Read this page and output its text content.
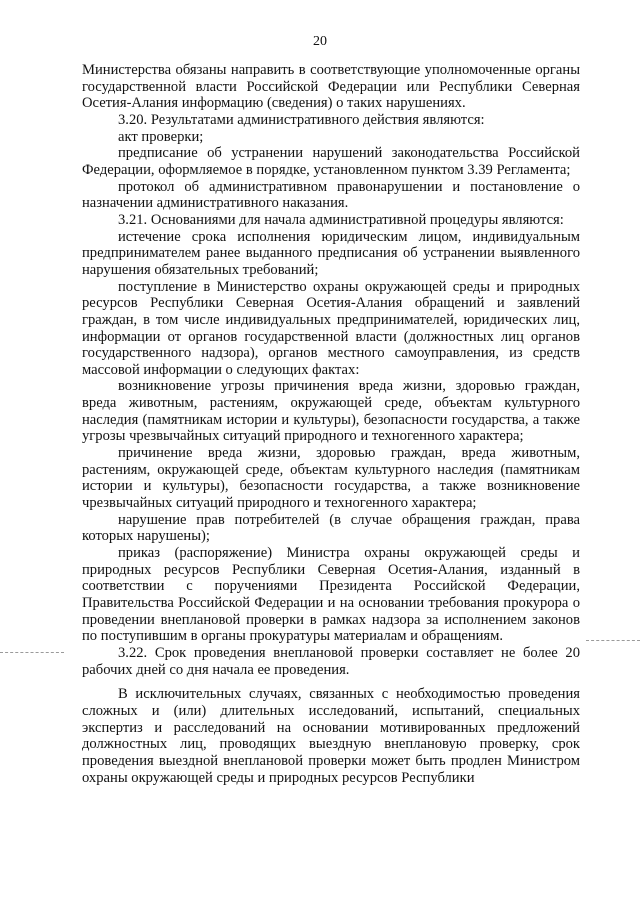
20

Министерства обязаны направить в соответствующие уполномоченные органы государственной власти Российской Федерации или Республики Северная Осетия-Алания информацию (сведения) о таких нарушениях.

3.20. Результатами административного действия являются:

акт проверки;

предписание об устранении нарушений законодательства Российской Федерации, оформляемое в порядке, установленном пунктом 3.39 Регламента;

протокол об административном правонарушении и постановление о назначении административного наказания.

3.21. Основаниями для начала административной процедуры являются:

истечение срока исполнения юридическим лицом, индивидуальным предпринимателем ранее выданного предписания об устранении выявленного нарушения обязательных требований;

поступление в Министерство охраны окружающей среды и природных ресурсов Республики Северная Осетия-Алания обращений и заявлений граждан, в том числе индивидуальных предпринимателей, юридических лиц, информации от органов государственной власти (должностных лиц органов государственного надзора), органов местного самоуправления, из средств массовой информации о следующих фактах:

возникновение угрозы причинения вреда жизни, здоровью граждан, вреда животным, растениям, окружающей среде, объектам культурного наследия (памятникам истории и культуры), безопасности государства, а также угрозы чрезвычайных ситуаций природного и техногенного характера;

причинение вреда жизни, здоровью граждан, вреда животным, растениям, окружающей среде, объектам культурного наследия (памятникам истории и культуры), безопасности государства, а также возникновение чрезвычайных ситуаций природного и техногенного характера;

нарушение прав потребителей (в случае обращения граждан, права которых нарушены);

приказ (распоряжение) Министра охраны окружающей среды и природных ресурсов Республики Северная Осетия-Алания, изданный в соответствии с поручениями Президента Российской Федерации, Правительства Российской Федерации и на основании требования прокурора о проведении внеплановой проверки в рамках надзора за исполнением законов по поступившим в органы прокуратуры материалам и обращениям.

3.22. Срок проведения внеплановой проверки составляет не более 20 рабочих дней со дня начала ее проведения.

В исключительных случаях, связанных с необходимостью проведения сложных и (или) длительных исследований, испытаний, специальных экспертиз и расследований на основании мотивированных предложений должностных лиц, проводящих выездную внеплановую проверку, срок проведения выездной внеплановой проверки может быть продлен Министром охраны окружающей среды и природных ресурсов Республики
